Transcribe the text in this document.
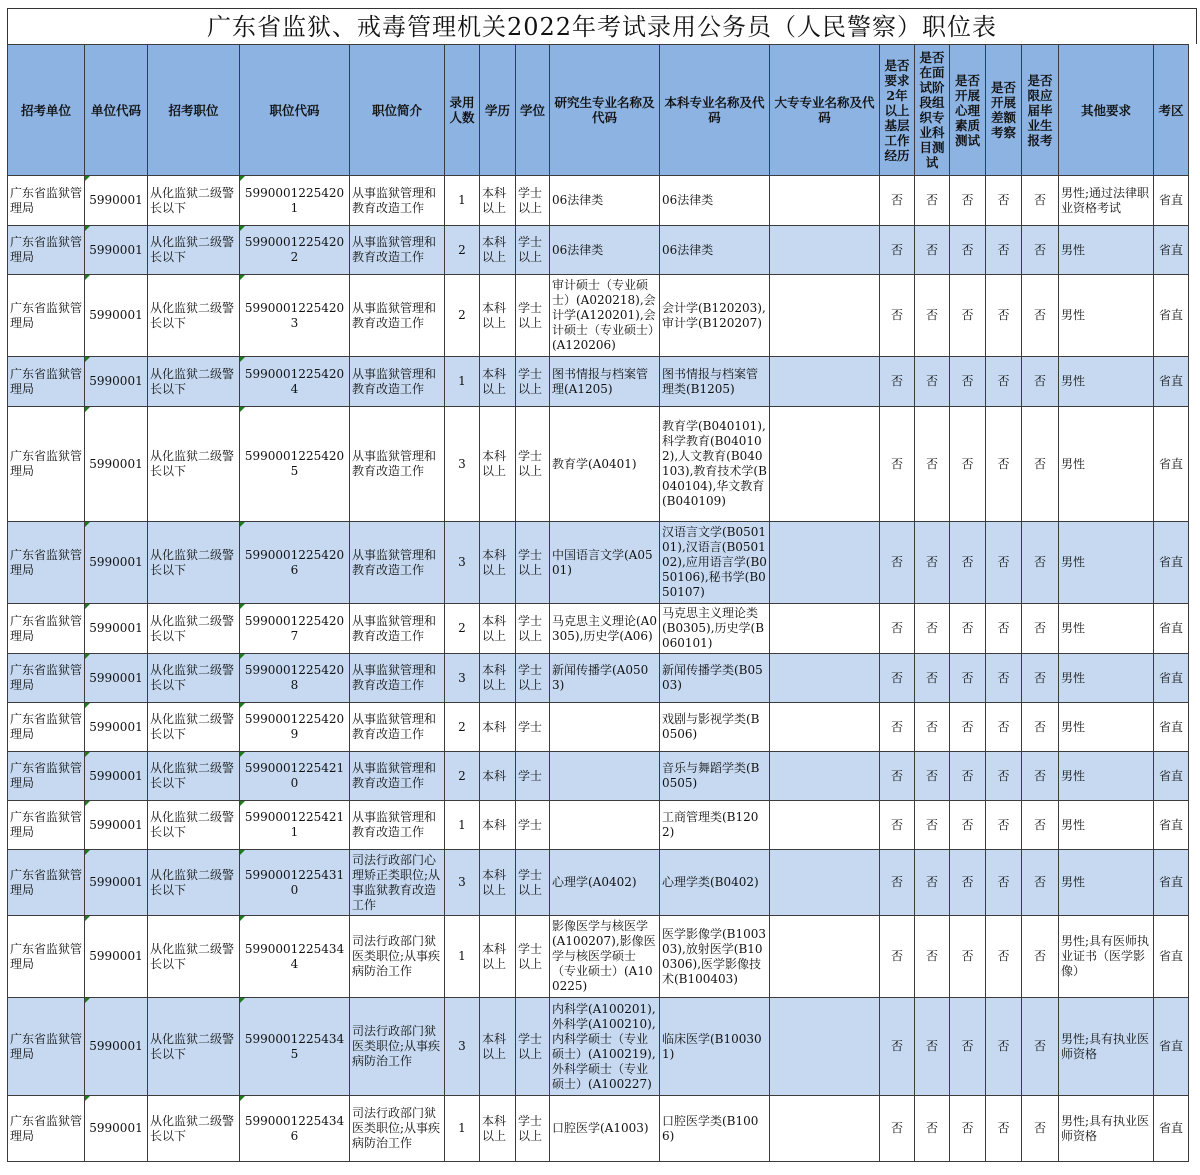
广东省监狱、戒毒管理机关2022年考试录用公务员（人民警察）职位表
招考单位	单位代码	招考职位	职位代码	职位简介	录用人数	学历	学位	研究生专业名称及代码	本科专业名称及代码	大专专业名称及代码	是否要求2年以上基层工作经历	是否在面试阶段组织专业科目测试	是否开展心理素质测试	是否开展差额考察	是否限应届毕业生报考	其他要求	考区
广东省监狱管理局	5990001	从化监狱二级警长以下	59900012254201	从事监狱管理和教育改造工作	1	本科以上	学士以上	06法律类	06法律类		否	否	否	否	否	男性;通过法律职业资格考试	省直
广东省监狱管理局	5990001	从化监狱二级警长以下	59900012254202	从事监狱管理和教育改造工作	2	本科以上	学士以上	06法律类	06法律类		否	否	否	否	否	男性	省直
广东省监狱管理局	5990001	从化监狱二级警长以下	59900012254203	从事监狱管理和教育改造工作	2	本科以上	学士以上	审计硕士（专业硕士）(A020218),会计学(A120201),会计硕士（专业硕士）(A120206)	会计学(B120203),审计学(B120207)		否	否	否	否	否	男性	省直
广东省监狱管理局	5990001	从化监狱二级警长以下	59900012254204	从事监狱管理和教育改造工作	1	本科以上	学士以上	图书情报与档案管理(A1205)	图书情报与档案管理类(B1205)		否	否	否	否	否	男性	省直
广东省监狱管理局	5990001	从化监狱二级警长以下	59900012254205	从事监狱管理和教育改造工作	3	本科以上	学士以上	教育学(A0401)	教育学(B040101),科学教育(B040102),人文教育(B040103),教育技术学(B040104),华文教育(B040109)		否	否	否	否	否	男性	省直
广东省监狱管理局	5990001	从化监狱二级警长以下	59900012254206	从事监狱管理和教育改造工作	3	本科以上	学士以上	中国语言文学(A0501)	汉语言文学(B050101),汉语言(B050102),应用语言学(B050106),秘书学(B050107)		否	否	否	否	否	男性	省直
广东省监狱管理局	5990001	从化监狱二级警长以下	59900012254207	从事监狱管理和教育改造工作	2	本科以上	学士以上	马克思主义理论(A0305),历史学(A06)	马克思主义理论类(B0305),历史学(B060101)		否	否	否	否	否	男性	省直
广东省监狱管理局	5990001	从化监狱二级警长以下	59900012254208	从事监狱管理和教育改造工作	3	本科以上	学士以上	新闻传播学(A0503)	新闻传播学类(B0503)		否	否	否	否	否	男性	省直
广东省监狱管理局	5990001	从化监狱二级警长以下	59900012254209	从事监狱管理和教育改造工作	2	本科	学士		戏剧与影视学类(B0506)		否	否	否	否	否	男性	省直
广东省监狱管理局	5990001	从化监狱二级警长以下	59900012254210	从事监狱管理和教育改造工作	2	本科	学士		音乐与舞蹈学类(B0505)		否	否	否	否	否	男性	省直
广东省监狱管理局	5990001	从化监狱二级警长以下	59900012254211	从事监狱管理和教育改造工作	1	本科	学士		工商管理类(B1202)		否	否	否	否	否	男性	省直
广东省监狱管理局	5990001	从化监狱二级警长以下	59900012254310	司法行政部门心理矫正类职位;从事监狱教育改造工作	3	本科以上	学士以上	心理学(A0402)	心理学类(B0402)		否	否	否	否	否	男性	省直
广东省监狱管理局	5990001	从化监狱二级警长以下	59900012254344	司法行政部门狱医类职位;从事疾病防治工作	1	本科以上	学士以上	影像医学与核医学(A100207),影像医学与核医学硕士（专业硕士）(A100225)	医学影像学(B100303),放射医学(B100306),医学影像技术(B100403)		否	否	否	否	否	男性;具有医师执业证书（医学影像）	省直
广东省监狱管理局	5990001	从化监狱二级警长以下	59900012254345	司法行政部门狱医类职位;从事疾病防治工作	3	本科以上	学士以上	内科学(A100201),外科学(A100210),内科学硕士（专业硕士）(A100219),外科学硕士（专业硕士）(A100227)	临床医学(B100301)		否	否	否	否	否	男性;具有执业医师资格	省直
广东省监狱管理局	5990001	从化监狱二级警长以下	59900012254346	司法行政部门狱医类职位;从事疾病防治工作	1	本科以上	学士以上	口腔医学(A1003)	口腔医学类(B1006)		否	否	否	否	否	男性;具有执业医师资格	省直
